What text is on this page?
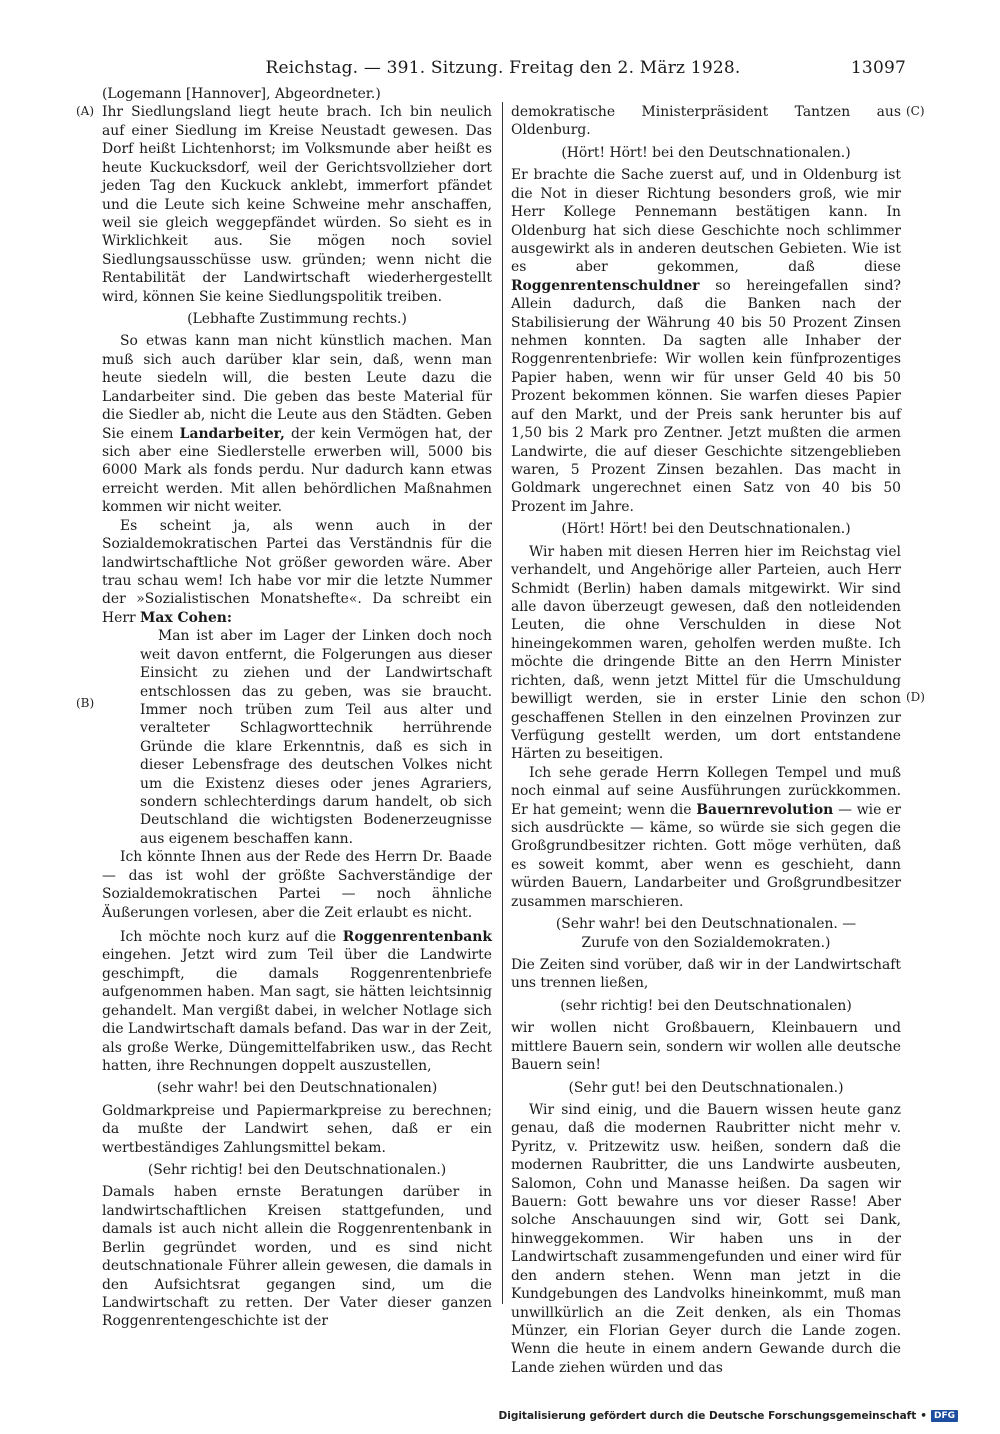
Reichstag. — 391. Sitzung. Freitag den 2. März 1928.	13097
(A)
(B)
(C)
(D)

(Logemann [Hannover], Abgeordneter.)

Ihr Siedlungsland liegt heute brach. Ich bin neulich auf einer Siedlung im Kreise Neustadt gewesen. Das Dorf heißt Lichtenhorst; im Volksmunde aber heißt es heute Kuckucksdorf, weil der Gerichtsvollzieher dort jeden Tag den Kuckuck anklebt, immerfort pfändet und die Leute sich keine Schweine mehr anschaffen, weil sie gleich weggepfändet würden. So sieht es in Wirklichkeit aus. Sie mögen noch soviel Siedlungsausschüsse usw. gründen; wenn nicht die Rentabilität der Landwirtschaft wiederhergestellt wird, können Sie keine Siedlungspolitik treiben.

(Lebhafte Zustimmung rechts.)

So etwas kann man nicht künstlich machen. Man muß sich auch darüber klar sein, daß, wenn man heute siedeln will, die besten Leute dazu die Landarbeiter sind. Die geben das beste Material für die Siedler ab, nicht die Leute aus den Städten. Geben Sie einem Landarbeiter, der kein Vermögen hat, der sich aber eine Siedlerstelle erwerben will, 5000 bis 6000 Mark als fonds perdu. Nur dadurch kann etwas erreicht werden. Mit allen behördlichen Maßnahmen kommen wir nicht weiter.

Es scheint ja, als wenn auch in der Sozialdemokratischen Partei das Verständnis für die landwirtschaftliche Not größer geworden wäre. Aber trau schau wem! Ich habe vor mir die letzte Nummer der »Sozialistischen Monatshefte«. Da schreibt ein Herr Max Cohen:

Man ist aber im Lager der Linken doch noch weit davon entfernt, die Folgerungen aus dieser Einsicht zu ziehen und der Landwirtschaft entschlossen das zu geben, was sie braucht. Immer noch trüben zum Teil aus alter und veralteter Schlagworttechnik herrührende Gründe die klare Erkenntnis, daß es sich in dieser Lebensfrage des deutschen Volkes nicht um die Existenz dieses oder jenes Agrariers, sondern schlechterdings darum handelt, ob sich Deutschland die wichtigsten Bodenerzeugnisse aus eigenem beschaffen kann.

Ich könnte Ihnen aus der Rede des Herrn Dr. Baade — das ist wohl der größte Sachverständige der Sozialdemokratischen Partei — noch ähnliche Äußerungen vorlesen, aber die Zeit erlaubt es nicht.

Ich möchte noch kurz auf die Roggenrentenbank eingehen. Jetzt wird zum Teil über die Landwirte geschimpft, die damals Roggenrentenbriefe aufgenommen haben. Man sagt, sie hätten leichtsinnig gehandelt. Man vergißt dabei, in welcher Notlage sich die Landwirtschaft damals befand. Das war in der Zeit, als große Werke, Düngemittelfabriken usw., das Recht hatten, ihre Rechnungen doppelt auszustellen,

(sehr wahr! bei den Deutschnationalen)

Goldmarkpreise und Papiermarkpreise zu berechnen; da mußte der Landwirt sehen, daß er ein wertbeständiges Zahlungsmittel bekam.

(Sehr richtig! bei den Deutschnationalen.)

Damals haben ernste Beratungen darüber in landwirtschaftlichen Kreisen stattgefunden, und damals ist auch nicht allein die Roggenrentenbank in Berlin gegründet worden, und es sind nicht deutschnationale Führer allein gewesen, die damals in den Aufsichtsrat gegangen sind, um die Landwirtschaft zu retten. Der Vater dieser ganzen Roggenrentengeschichte ist der

demokratische Ministerpräsident Tantzen aus Oldenburg.

(Hört! Hört! bei den Deutschnationalen.)

Er brachte die Sache zuerst auf, und in Oldenburg ist die Not in dieser Richtung besonders groß, wie mir Herr Kollege Pennemann bestätigen kann. In Oldenburg hat sich diese Geschichte noch schlimmer ausgewirkt als in anderen deutschen Gebieten. Wie ist es aber gekommen, daß diese Roggenrentenschuldner so hereingefallen sind? Allein dadurch, daß die Banken nach der Stabilisierung der Währung 40 bis 50 Prozent Zinsen nehmen konnten. Da sagten alle Inhaber der Roggenrentenbriefe: Wir wollen kein fünfprozentiges Papier haben, wenn wir für unser Geld 40 bis 50 Prozent bekommen können. Sie warfen dieses Papier auf den Markt, und der Preis sank herunter bis auf 1,50 bis 2 Mark pro Zentner. Jetzt mußten die armen Landwirte, die auf dieser Geschichte sitzengeblieben waren, 5 Prozent Zinsen bezahlen. Das macht in Goldmark ungerechnet einen Satz von 40 bis 50 Prozent im Jahre.

(Hört! Hört! bei den Deutschnationalen.)

Wir haben mit diesen Herren hier im Reichstag viel verhandelt, und Angehörige aller Parteien, auch Herr Schmidt (Berlin) haben damals mitgewirkt. Wir sind alle davon überzeugt gewesen, daß den notleidenden Leuten, die ohne Verschulden in diese Not hineingekommen waren, geholfen werden mußte. Ich möchte die dringende Bitte an den Herrn Minister richten, daß, wenn jetzt Mittel für die Umschuldung bewilligt werden, sie in erster Linie den schon geschaffenen Stellen in den einzelnen Provinzen zur Verfügung gestellt werden, um dort entstandene Härten zu beseitigen.

Ich sehe gerade Herrn Kollegen Tempel und muß noch einmal auf seine Ausführungen zurückkommen. Er hat gemeint; wenn die Bauernrevolution — wie er sich ausdrückte — käme, so würde sie sich gegen die Großgrundbesitzer richten. Gott möge verhüten, daß es soweit kommt, aber wenn es geschieht, dann würden Bauern, Landarbeiter und Großgrundbesitzer zusammen marschieren.

(Sehr wahr! bei den Deutschnationalen. —

Zurufe von den Sozialdemokraten.)

Die Zeiten sind vorüber, daß wir in der Landwirtschaft uns trennen ließen,

(sehr richtig! bei den Deutschnationalen)

wir wollen nicht Großbauern, Kleinbauern und mittlere Bauern sein, sondern wir wollen alle deutsche Bauern sein!

(Sehr gut! bei den Deutschnationalen.)

Wir sind einig, und die Bauern wissen heute ganz genau, daß die modernen Raubritter nicht mehr v. Pyritz, v. Pritzewitz usw. heißen, sondern daß die modernen Raubritter, die uns Landwirte ausbeuten, Salomon, Cohn und Manasse heißen. Da sagen wir Bauern: Gott bewahre uns vor dieser Rasse! Aber solche Anschauungen sind wir, Gott sei Dank, hinweggekommen. Wir haben uns in der Landwirtschaft zusammengefunden und einer wird für den andern stehen. Wenn man jetzt in die Kundgebungen des Landvolks hineinkommt, muß man unwillkürlich an die Zeit denken, als ein Thomas Münzer, ein Florian Geyer durch die Lande zogen. Wenn die heute in einem andern Gewande durch die Lande ziehen würden und das

Digitalisierung gefördert durch die Deutsche Forschungsgemeinschaft • DFG
